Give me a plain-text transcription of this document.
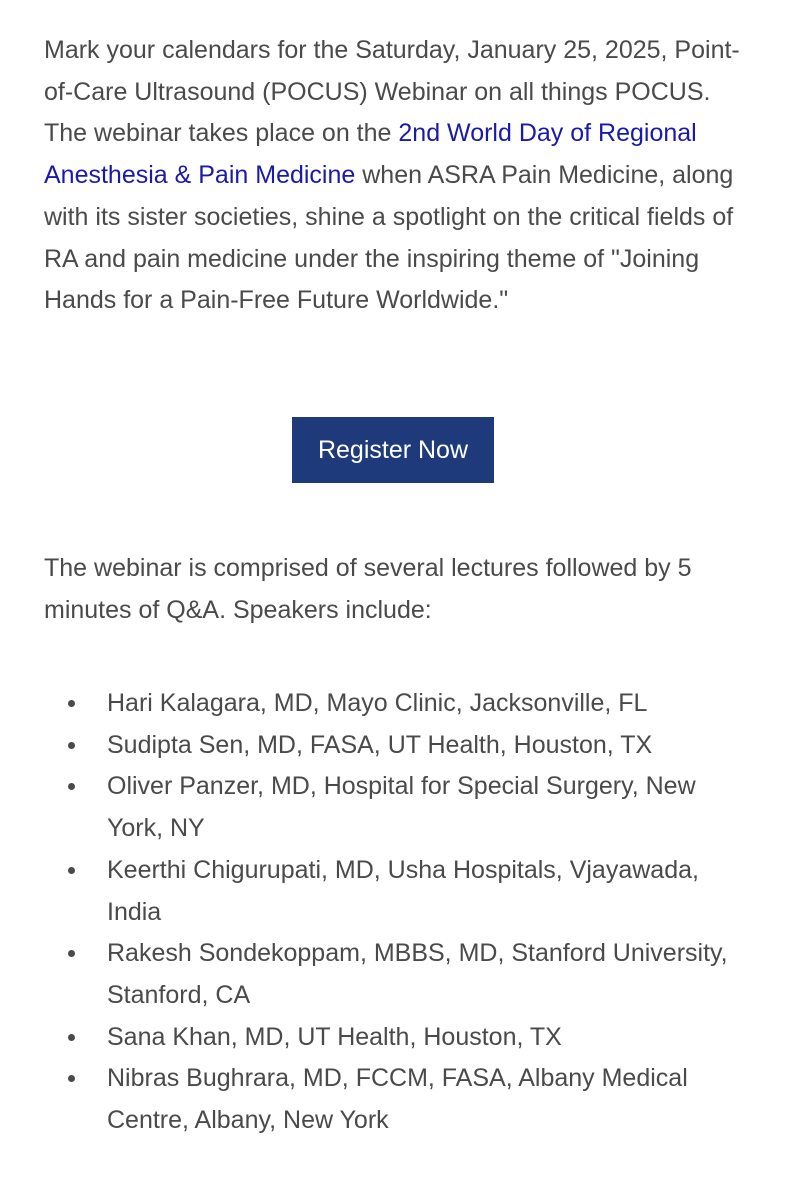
Mark your calendars for the Saturday, January 25, 2025, Point-of-Care Ultrasound (POCUS) Webinar on all things POCUS. The webinar takes place on the 2nd World Day of Regional Anesthesia & Pain Medicine when ASRA Pain Medicine, along with its sister societies, shine a spotlight on the critical fields of RA and pain medicine under the inspiring theme of "Joining Hands for a Pain-Free Future Worldwide."

Register Now

The webinar is comprised of several lectures followed by 5 minutes of Q&A. Speakers include:

Hari Kalagara, MD, Mayo Clinic, Jacksonville, FL
Sudipta Sen, MD, FASA, UT Health, Houston, TX
Oliver Panzer, MD, Hospital for Special Surgery, New York, NY
Keerthi Chigurupati, MD, Usha Hospitals, Vjayawada, India
Rakesh Sondekoppam, MBBS, MD, Stanford University, Stanford, CA
Sana Khan, MD, UT Health, Houston, TX
Nibras Bughrara, MD, FCCM, FASA, Albany Medical Centre, Albany, New York
